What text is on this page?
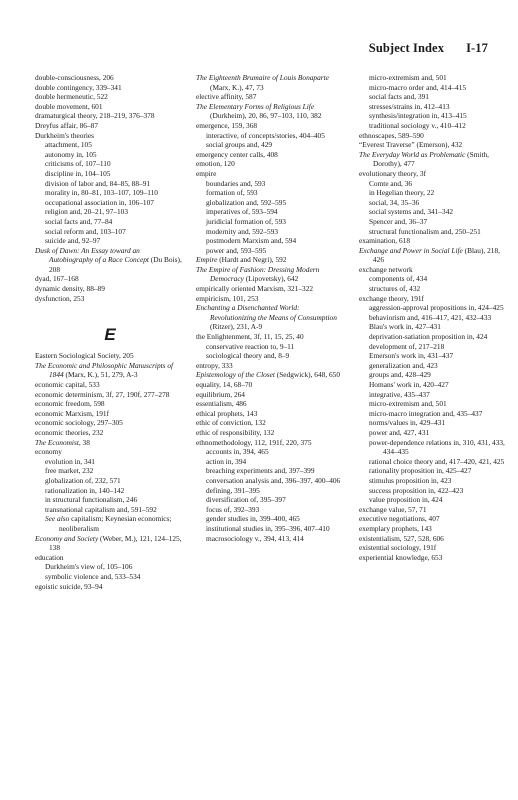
Subject Index I-17
double-consciousness, 206
double contingency, 339–341
double hermeneutic, 522
double movement, 601
dramaturgical theory, 218–219, 376–378
Dreyfus affair, 86–87
Durkheim's theories
attachment, 105
autonomy in, 105
criticisms of, 107–110
discipline in, 104–105
division of labor and, 84–85, 88–91
morality in, 80–81, 103–107, 109–110
occupational association in, 106–107
religion and, 20–21, 97–103
social facts and, 77–84
social reform and, 103–107
suicide and, 92–97
Dusk of Dawn: An Essay toward an Autobiography of a Race Concept (Du Bois), 208
dyad, 167–168
dynamic density, 88–89
dysfunction, 253
E
Eastern Sociological Society, 205
The Economic and Philosophic Manuscripts of 1844 (Marx, K.), 51, 279, A-3
economic capital, 533
economic determinism, 3f, 27, 190f, 277–278
economic freedom, 598
economic Marxism, 191f
economic sociology, 297–305
economic theories, 232
The Economist, 38
economy
evolution in, 341
free market, 232
globalization of, 232, 571
rationalization in, 140–142
in structural functionalism, 246
transnational capitalism and, 591–592
See also capitalism; Keynesian economics; neoliberalism
Economy and Society (Weber, M.), 121, 124–125, 138
education
Durkheim's view of, 105–106
symbolic violence and, 533–534
egoistic suicide, 93–94
The Eighteenth Brumaire of Louis Bonaparte (Marx, K.), 47, 73
elective affinity, 587
The Elementary Forms of Religious Life (Durkheim), 20, 86, 97–103, 110, 382
emergence, 159, 368
interactive, of concepts/stories, 404–405
social groups and, 429
emergency center calls, 408
emotion, 120
empire
boundaries and, 593
formation of, 593
globalization and, 592–595
imperatives of, 593–594
juridicial formation of, 593
modernity and, 592–593
postmodern Marxism and, 594
power and, 593–595
Empire (Hardt and Negri), 592
The Empire of Fashion: Dressing Modern Democracy (Lipovetsky), 642
empirically oriented Marxism, 321–322
empiricism, 101, 253
Enchanting a Disenchanted World: Revolutionizing the Means of Consumption (Ritzer), 231, A-9
the Enlightenment, 3f, 11, 15, 25, 40
conservative reaction to, 9–11
sociological theory and, 8–9
entropy, 333
Epistemology of the Closet (Sedgwick), 648, 650
equality, 14, 68–70
equilibrium, 264
essentialism, 486
ethical prophets, 143
ethic of conviction, 132
ethic of responsibility, 132
ethnomethodology, 112, 191f, 220, 375
accounts in, 394, 465
action in, 394
breaching experiments and, 397–399
conversation analysis and, 396–397, 400–406
defining, 391–395
diversification of, 395–397
focus of, 392–393
gender studies in, 399–400, 465
institutional studies in, 395–396, 407–410
macrosociology v., 394, 413, 414
micro-extremism and, 501
micro-macro order and, 414–415
social facts and, 391
stresses/strains in, 412–413
synthesis/integration in, 413–415
traditional sociology v., 410–412
ethnoscapes, 589–590
“Everest Traverse” (Emerson), 432
The Everyday World as Problematic (Smith, Dorothy), 477
evolutionary theory, 3f
Comte and, 36
in Hegelian theory, 22
social, 34, 35–36
social systems and, 341–342
Spencer and, 36–37
structural functionalism and, 250–251
examination, 618
Exchange and Power in Social Life (Blau), 218, 426
exchange network
components of, 434
structures of, 432
exchange theory, 191f
aggression-approval propositions in, 424–425
behaviorism and, 416–417, 421, 432–433
Blau's work in, 427–431
deprivation-satiation proposition in, 424
development of, 217–218
Emerson's work in, 431–437
generalization and, 423
groups and, 428–429
Homans' work in, 420–427
integrative, 435–437
micro-extremism and, 501
micro-macro integration and, 435–437
norms/values in, 429–431
power and, 427, 431
power-dependence relations in, 310, 431, 433, 434–435
rational choice theory and, 417–420, 421, 425
rationality proposition in, 425–427
stimulus proposition in, 423
success proposition in, 422–423
value proposition in, 424
exchange value, 57, 71
executive negotiations, 407
exemplary prophets, 143
existentialism, 527, 528, 606
existential sociology, 191f
experiential knowledge, 653
